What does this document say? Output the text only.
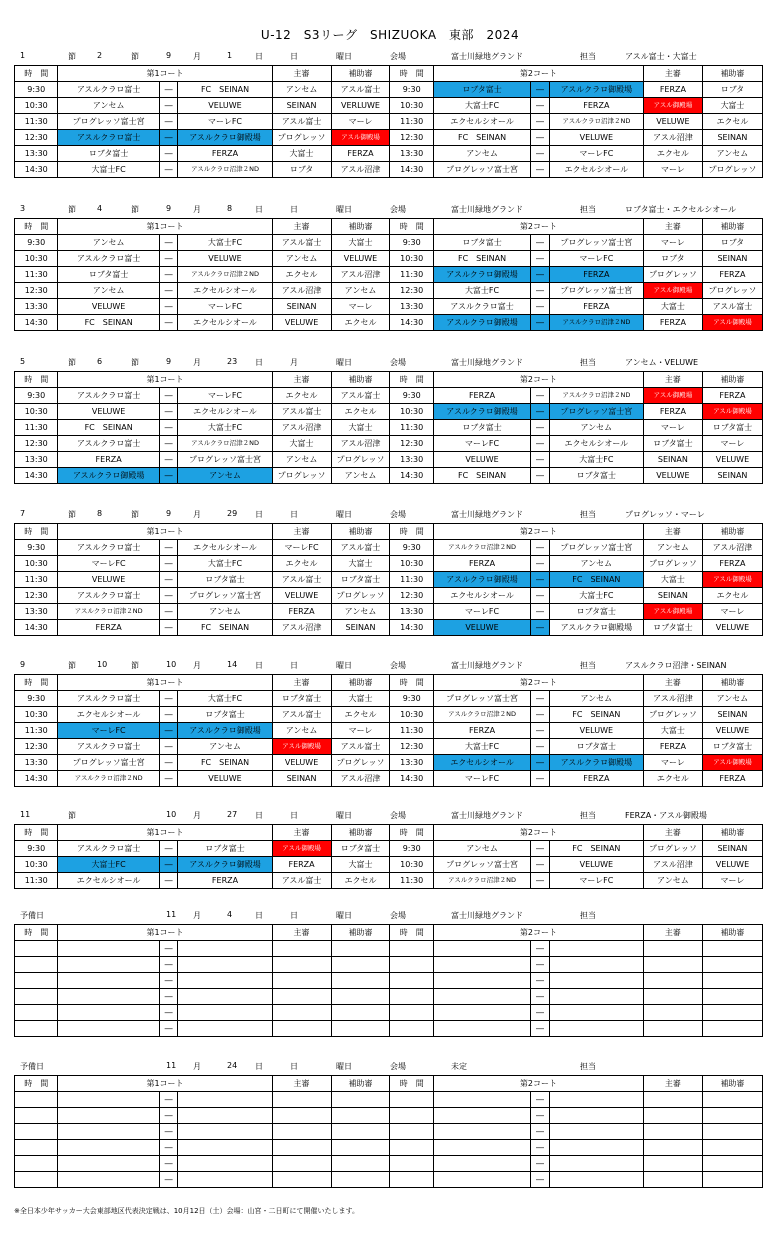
U-12　S3リーグ　SHIZUOKA　東部　2024
1	節	2	節	9	月	1	日	日	曜日	会場	富士川緑地グランド	担当	アスル富士・大富士
時　間	第1コート			主審	補助審	時　間	第2コート			主審	補助審
9:30	アスルクラロ富士	―	FC　SEINAN	アンセム	アスル富士	9:30	ロブタ富士	―	アスルクラロ御殿場	FERZA	ロブタ
10:30	アンセム	―	VELUWE	SEINAN	VERLUWE	10:30	大富士FC	―	FERZA	アスル御殿場	大富士
11:30	プログレッソ富士宮	―	マーレFC	アスル富士	マーレ	11:30	エクセルシオール	―	アスルクラロ沼津２ND	VELUWE	エクセル
12:30	アスルクラロ富士	―	アスルクラロ御殿場	プログレッソ	アスル御殿場	12:30	FC　SEINAN	―	VELUWE	アスル沼津	SEINAN
13:30	ロブタ富士	―	FERZA	大富士	FERZA	13:30	アンセム	―	マーレFC	エクセル	アンセム
14:30	大富士FC	―	アスルクラロ沼津２ND	ロブタ	アスル沼津	14:30	プログレッソ富士宮	―	エクセルシオール	マーレ	プログレッソ
3	節	4	節	9	月	8	日	日	曜日	会場	富士川緑地グランド	担当	ロブタ富士・エクセルシオール
時　間	第1コート			主審	補助審	時　間	第2コート			主審	補助審
9:30	アンセム	―	大富士FC	アスル富士	大富士	9:30	ロブタ富士	―	プログレッソ富士宮	マーレ	ロブタ
10:30	アスルクラロ富士	―	VELUWE	アンセム	VELUWE	10:30	FC　SEINAN	―	マーレFC	ロブタ	SEINAN
11:30	ロブタ富士	―	アスルクラロ沼津２ND	エクセル	アスル沼津	11:30	アスルクラロ御殿場	―	FERZA	プログレッソ	FERZA
12:30	アンセム	―	エクセルシオール	アスル沼津	アンセム	12:30	大富士FC	―	プログレッソ富士宮	アスル御殿場	プログレッソ
13:30	VELUWE	―	マーレFC	SEINAN	マーレ	13:30	アスルクラロ富士	―	FERZA	大富士	アスル富士
14:30	FC　SEINAN	―	エクセルシオール	VELUWE	エクセル	14:30	アスルクラロ御殿場	―	アスルクラロ沼津２ND	FERZA	アスル御殿場
5	節	6	節	9	月	23 日	月	曜日	会場	富士川緑地グランド	担当	アンセム・VELUWE
時　間	第1コート			主審	補助審	時　間	第2コート			主審	補助審
9:30	アスルクラロ富士	―	マーレFC	エクセル	アスル富士	9:30	FERZA	―	アスルクラロ沼津２ND	アスル御殿場	FERZA
10:30	VELUWE	―	エクセルシオール	アスル富士	エクセル	10:30	アスルクラロ御殿場	―	プログレッソ富士宮	FERZA	アスル御殿場
11:30	FC　SEINAN	―	大富士FC	アスル沼津	大富士	11:30	ロブタ富士	―	アンセム	マーレ	ロブタ富士
12:30	アスルクラロ富士	―	アスルクラロ沼津２ND	大富士	アスル沼津	12:30	マーレFC	―	エクセルシオール	ロブタ富士	マーレ
13:30	FERZA	―	プログレッソ富士宮	アンセム	プログレッソ	13:30	VELUWE	―	大富士FC	SEINAN	VELUWE
14:30	アスルクラロ御殿場	―	アンセム	プログレッソ	アンセム	14:30	FC　SEINAN	―	ロブタ富士	VELUWE	SEINAN
7	節	8	節	9	月	29 日	日	曜日	会場	富士川緑地グランド	担当	プログレッソ・マーレ
時　間	第1コート			主審	補助審	時　間	第2コート			主審	補助審
9:30	アスルクラロ富士	―	エクセルシオール	マーレFC	アスル富士	9:30	アスルクラロ沼津２ND	―	プログレッソ富士宮	アンセム	アスル沼津
10:30	マーレFC	―	大富士FC	エクセル	大富士	10:30	FERZA	―	アンセム	プログレッソ	FERZA
11:30	VELUWE	―	ロブタ富士	アスル富士	ロブタ富士	11:30	アスルクラロ御殿場	―	FC　SEINAN	大富士	アスル御殿場
12:30	アスルクラロ富士	―	プログレッソ富士宮	VELUWE	プログレッソ	12:30	エクセルシオール	―	大富士FC	SEINAN	エクセル
13:30	アスルクラロ沼津２ND	―	アンセム	FERZA	アンセム	13:30	マーレFC	―	ロブタ富士	アスル御殿場	マーレ
14:30	FERZA	―	FC　SEINAN	アスル沼津	SEINAN	14:30	VELUWE	―	アスルクラロ御殿場	ロブタ富士	VELUWE
9	節	10	節	10 月	14 日	日	曜日	会場	富士川緑地グランド	担当	アスルクラロ沼津・SEINAN
時　間	第1コート			主審	補助審	時　間	第2コート			主審	補助審
9:30	アスルクラロ富士	―	大富士FC	ロブタ富士	大富士	9:30	プログレッソ富士宮	―	アンセム	アスル沼津	アンセム
10:30	エクセルシオール	―	ロブタ富士	アスル富士	エクセル	10:30	アスルクラロ沼津２ND	―	FC　SEINAN	プログレッソ	SEINAN
11:30	マーレFC	―	アスルクラロ御殿場	アンセム	マーレ	11:30	FERZA	―	VELUWE	大富士	VELUWE
12:30	アスルクラロ富士	―	アンセム	アスル御殿場	アスル富士	12:30	大富士FC	―	ロブタ富士	FERZA	ロブタ富士
13:30	プログレッソ富士宮	―	FC　SEINAN	VELUWE	プログレッソ	13:30	エクセルシオール	―	アスルクラロ御殿場	マーレ	アスル御殿場
14:30	アスルクラロ沼津２ND	―	VELUWE	SEINAN	アスル沼津	14:30	マーレFC	―	FERZA	エクセル	FERZA
11	節	10 月	27 日	日	曜日	会場	富士川緑地グランド	担当	FERZA・アスル御殿場
時　間	第1コート			主審	補助審	時　間	第2コート			主審	補助審
9:30	アスルクラロ富士	―	ロブタ富士	アスル御殿場	ロブタ富士	9:30	アンセム	―	FC　SEINAN	プログレッソ	SEINAN
10:30	大富士FC	―	アスルクラロ御殿場	FERZA	大富士	10:30	プログレッソ富士宮	―	VELUWE	アスル沼津	VELUWE
11:30	エクセルシオール	―	FERZA	アスル富士	エクセル	11:30	アスルクラロ沼津２ND	―	マーレFC	アンセム	マーレ
予備日	11 月	4	日	日	曜日	会場	富士川緑地グランド	担当
時　間	第1コート			主審	補助審	時　間	第2コート			主審	補助審
		―						―			
		―						―			
		―						―			
		―						―			
		―						―			
		―						―			
予備日	11 月	24 日	日	曜日	会場	未定	担当
時　間	第1コート			主審	補助審	時　間	第2コート			主審	補助審
		―						―			
		―						―			
		―						―			
		―						―			
		―						―			
		―						―			
※全日本少年サッカー大会東部地区代表決定戦は、10月12日（土）会場：山宮・二日町にて開催いたします。
